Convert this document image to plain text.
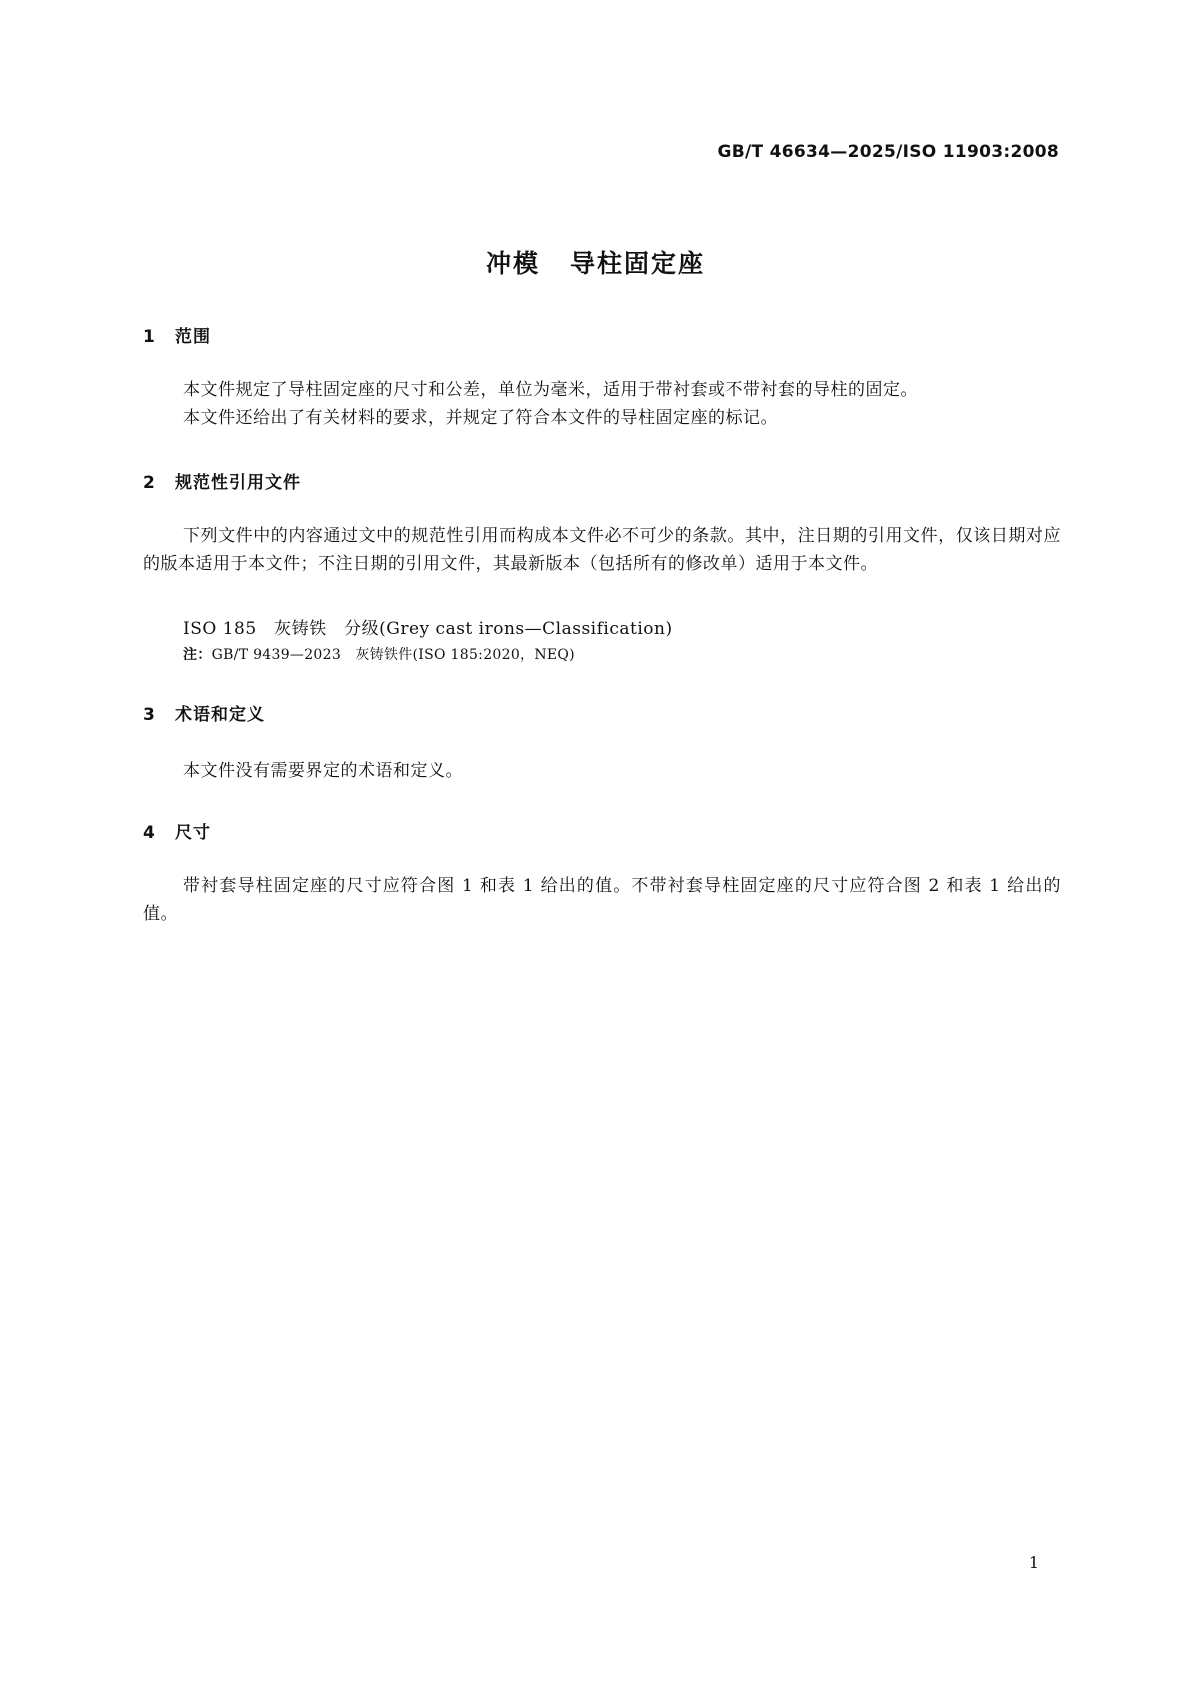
GB/T 46634—2025/ISO 11903:2008
冲模 导柱固定座
1 范围
本文件规定了导柱固定座的尺寸和公差，单位为毫米，适用于带衬套或不带衬套的导柱的固定。
本文件还给出了有关材料的要求，并规定了符合本文件的导柱固定座的标记。
2 规范性引用文件
下列文件中的内容通过文中的规范性引用而构成本文件必不可少的条款。其中，注日期的引用文件，仅该日期对应的版本适用于本文件；不注日期的引用文件，其最新版本（包括所有的修改单）适用于本文件。
ISO 185　灰铸铁　分级(Grey cast irons—Classification)
注：GB/T 9439—2023　灰铸铁件(ISO 185:2020，NEQ)
3 术语和定义
本文件没有需要界定的术语和定义。
4 尺寸
带衬套导柱固定座的尺寸应符合图 1 和表 1 给出的值。不带衬套导柱固定座的尺寸应符合图 2 和表 1 给出的值。
1
